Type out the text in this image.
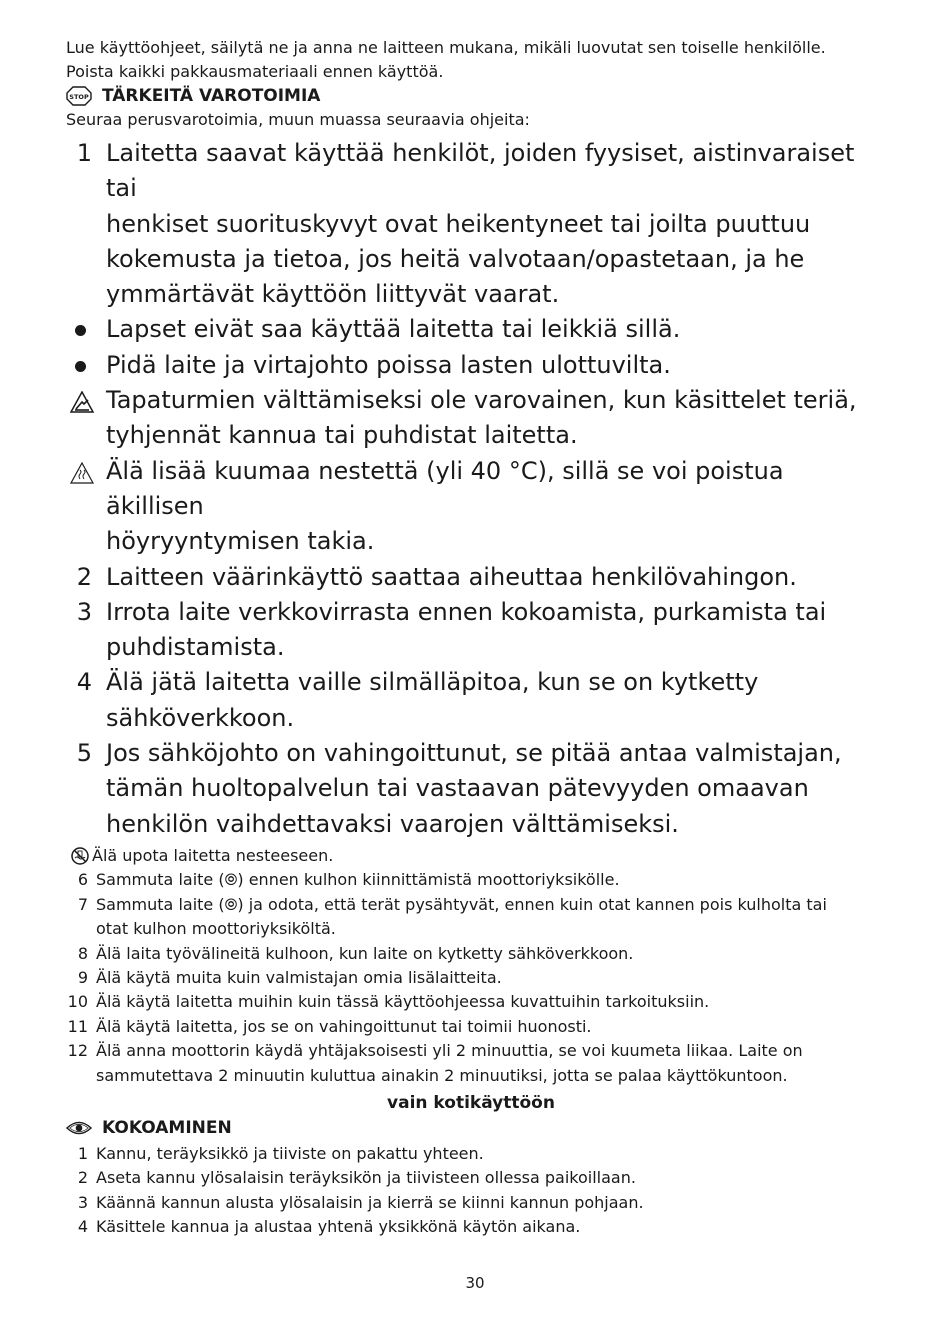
Lue käyttöohjeet, säilytä ne ja anna ne laitteen mukana, mikäli luovutat sen toiselle henkilölle.
Poista kaikki pakkausmateriaali ennen käyttöä.
STOP TÄRKEITÄ VAROTOIMIA
Seuraa perusvarotoimia, muun muassa seuraavia ohjeita:
1 Laitetta saavat käyttää henkilöt, joiden fyysiset, aistinvaraiset tai
henkiset suorituskyvyt ovat heikentyneet tai joilta puuttuu
kokemusta ja tietoa, jos heitä valvotaan/opastetaan, ja he
ymmärtävät käyttöön liittyvät vaarat.
Lapset eivät saa käyttää laitetta tai leikkiä sillä.
Pidä laite ja virtajohto poissa lasten ulottuvilta.
Tapaturmien välttämiseksi ole varovainen, kun käsittelet teriä,
tyhjennät kannua tai puhdistat laitetta.
Älä lisää kuumaa nestettä (yli 40 °C), sillä se voi poistua äkillisen
höyryyntymisen takia.
2 Laitteen väärinkäyttö saattaa aiheuttaa henkilövahingon.
3 Irrota laite verkkovirrasta ennen kokoamista, purkamista tai
puhdistamista.
4 Älä jätä laitetta vaille silmälläpitoa, kun se on kytketty
sähköverkkoon.
5 Jos sähköjohto on vahingoittunut, se pitää antaa valmistajan,
tämän huoltopalvelun tai vastaavan pätevyyden omaavan
henkilön vaihdettavaksi vaarojen välttämiseksi.
Älä upota laitetta nesteeseen.
6 Sammuta laite (⦾) ennen kulhon kiinnittämistä moottoriyksikölle.
7 Sammuta laite (⦾) ja odota, että terät pysähtyvät, ennen kuin otat kannen pois kulholta tai
otat kulhon moottoriyksiköltä.
8 Älä laita työvälineitä kulhoon, kun laite on kytketty sähköverkkoon.
9 Älä käytä muita kuin valmistajan omia lisälaitteita.
10 Älä käytä laitetta muihin kuin tässä käyttöohjeessa kuvattuihin tarkoituksiin.
11 Älä käytä laitetta, jos se on vahingoittunut tai toimii huonosti.
12 Älä anna moottorin käydä yhtäjaksoisesti yli 2 minuuttia, se voi kuumeta liikaa. Laite on
sammutettava 2 minuutin kuluttua ainakin 2 minuutiksi, jotta se palaa käyttökuntoon.
vain kotikäyttöön
KOKOAMINEN
1 Kannu, teräyksikkö ja tiiviste on pakattu yhteen.
2 Aseta kannu ylösalaisin teräyksikön ja tiivisteen ollessa paikoillaan.
3 Käännä kannun alusta ylösalaisin ja kierrä se kiinni kannun pohjaan.
4 Käsittele kannua ja alustaa yhtenä yksikkönä käytön aikana.
30
